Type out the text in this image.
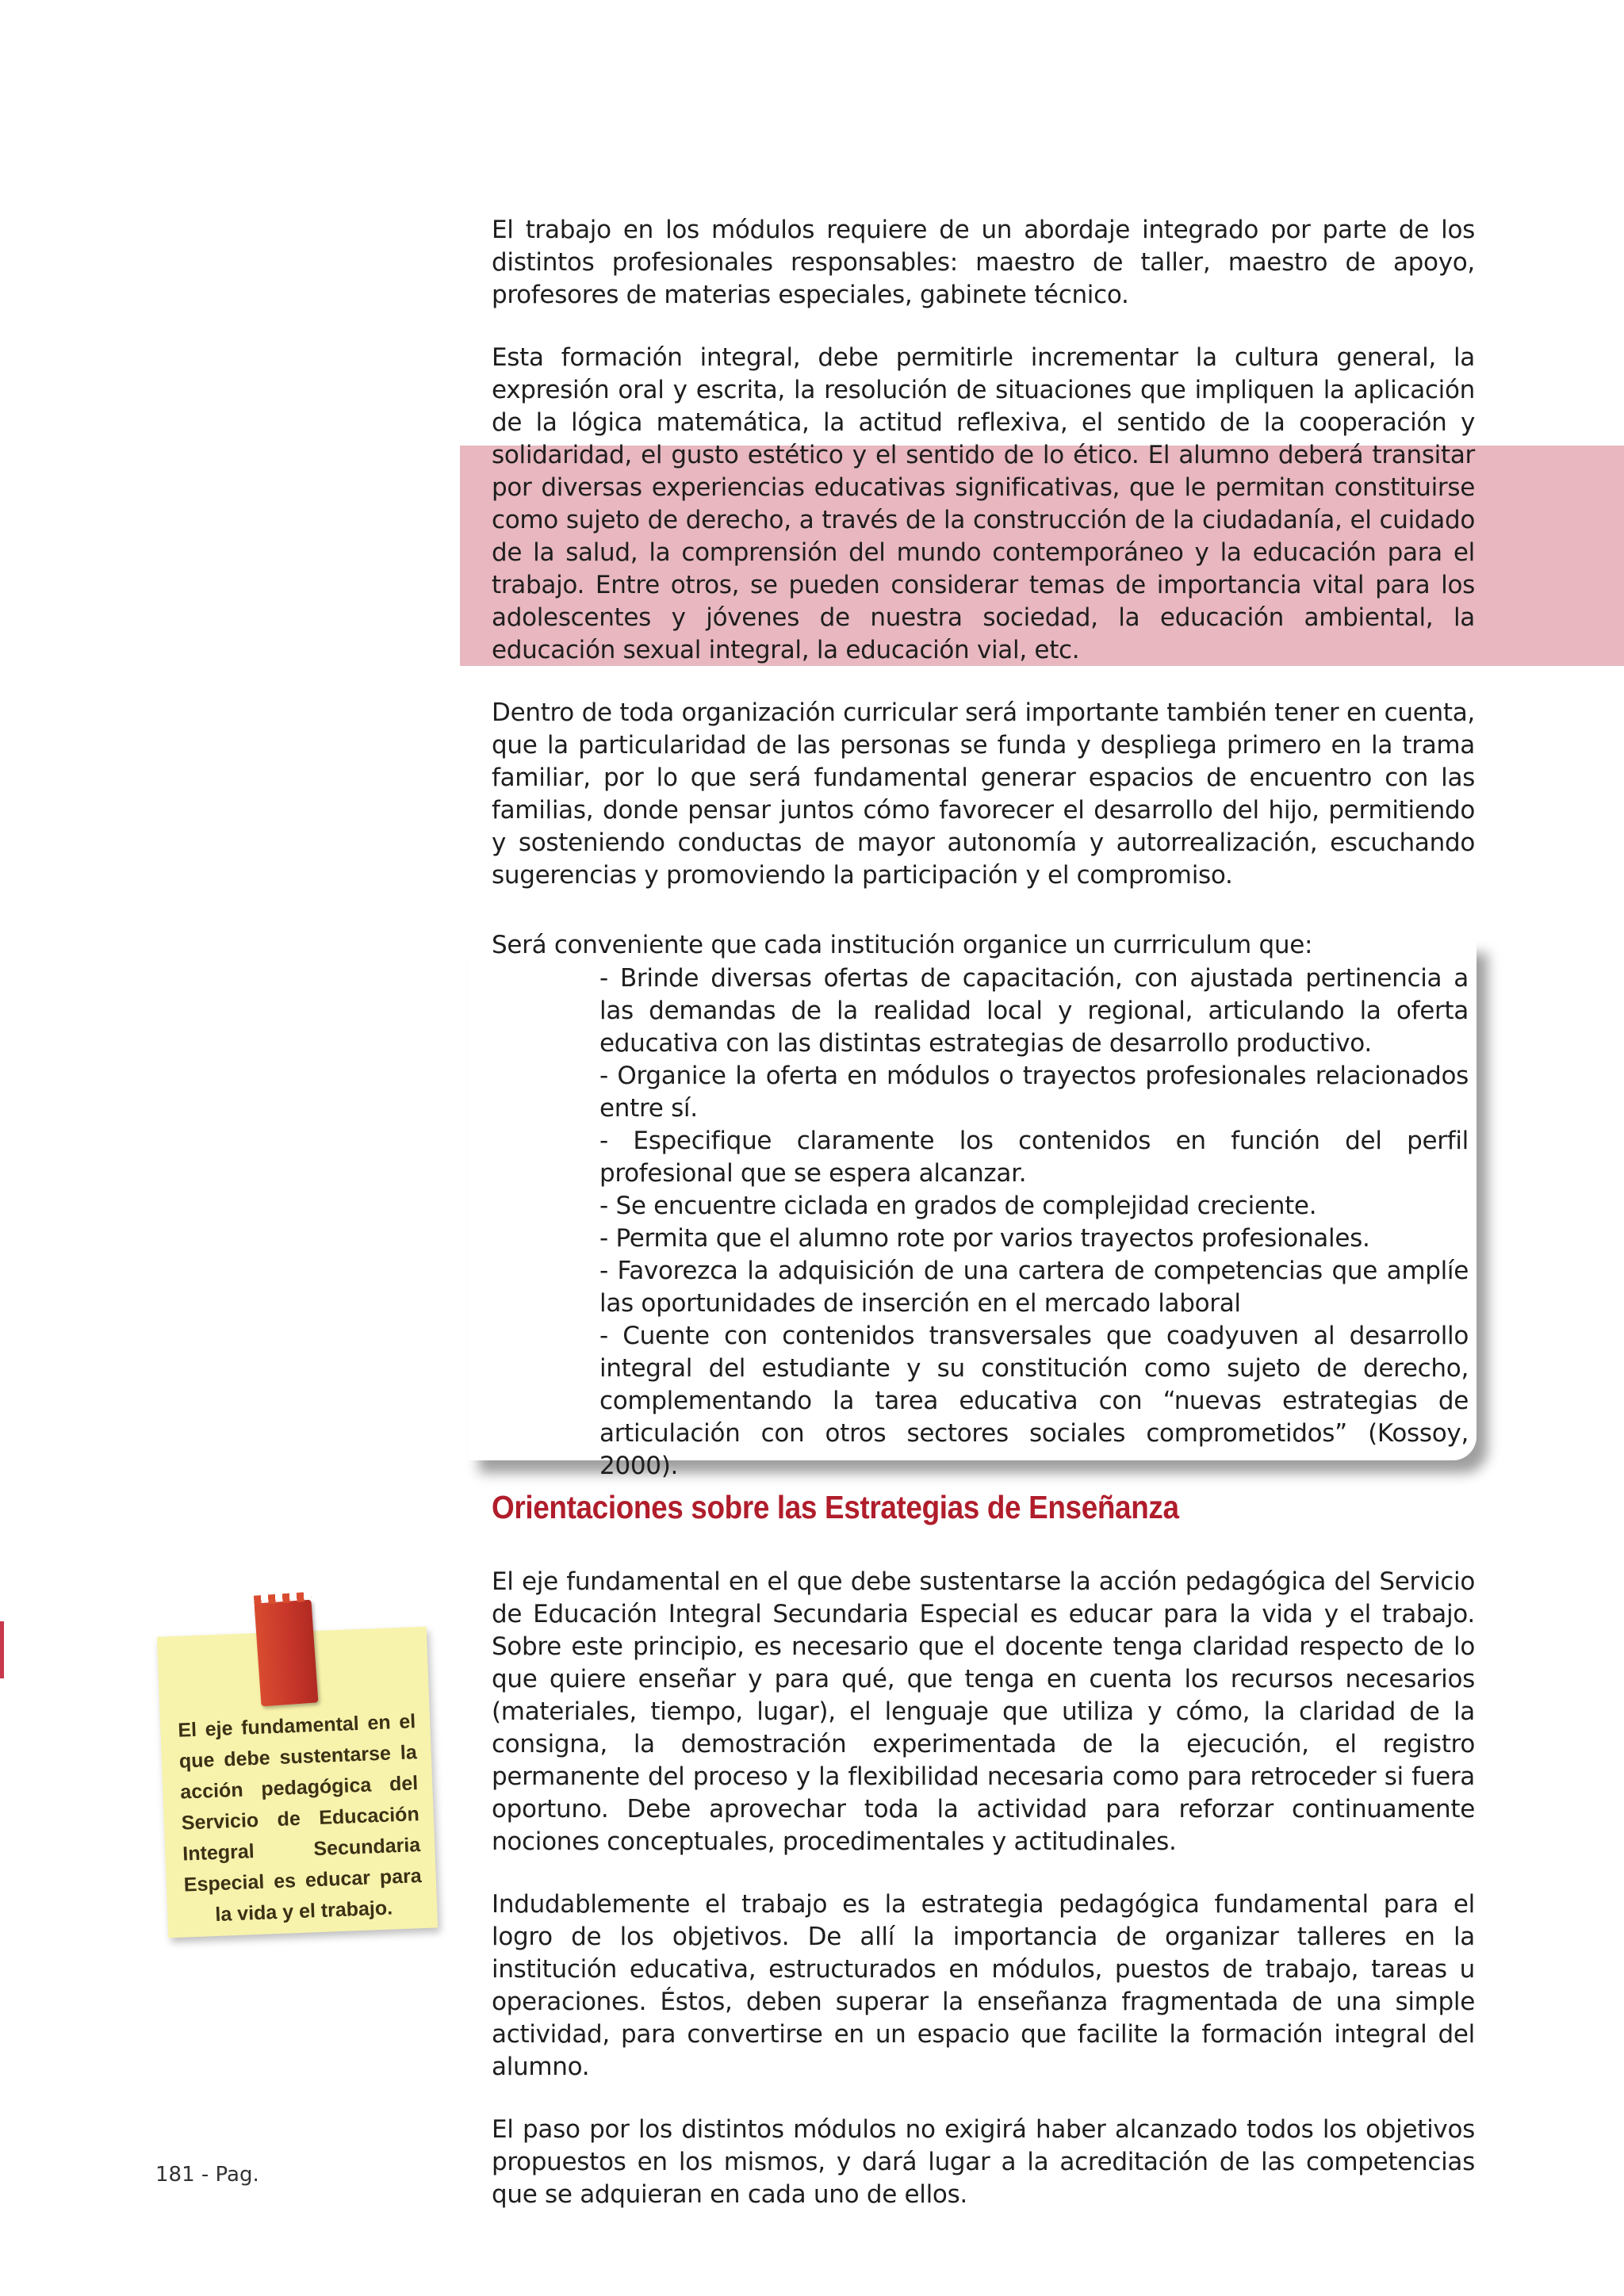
El trabajo en los módulos requiere de un abordaje integrado por parte de los distintos profesionales responsables: maestro de taller, maestro de apoyo, profesores de materias especiales, gabinete técnico.

Esta formación integral, debe permitirle incrementar la cultura general, la expresión oral y escrita, la resolución de situaciones que impliquen la aplicación de la lógica matemática, la actitud reflexiva, el sentido de la cooperación y solidaridad, el gusto estético y el sentido de lo ético. El alumno deberá transitar por diversas experiencias educativas significativas, que le permitan constituirse como sujeto de derecho, a través de la construcción de la ciudadanía, el cuidado de la salud, la comprensión del mundo contemporáneo y la educación para el trabajo. Entre otros, se pueden considerar temas de importancia vital para los adolescentes y jóvenes de nuestra sociedad, la educación ambiental, la educación sexual integral, la educación vial, etc.

Dentro de toda organización curricular será importante también tener en cuenta, que la particularidad de las personas se funda y despliega primero en la trama familiar, por lo que será fundamental generar espacios de encuentro con las familias, donde pensar juntos cómo favorecer el desarrollo del hijo, permitiendo y sosteniendo conductas de mayor autonomía y autorrealización, escuchando sugerencias y promoviendo la participación y el compromiso.

Será conveniente que cada institución organice un currriculum que:

- Brinde diversas ofertas de capacitación, con ajustada pertinencia a las demandas de la realidad local y regional, articulando la oferta educativa con las distintas estrategias de desarrollo productivo.

- Organice la oferta en módulos o trayectos profesionales relacionados entre sí.

- Especifique claramente los contenidos en función del perfil profesional que se espera alcanzar.

- Se encuentre ciclada en grados de complejidad creciente.

- Permita que el alumno rote por varios trayectos profesionales.

- Favorezca la adquisición de una cartera de competencias que amplíe las oportunidades de inserción en el mercado laboral

- Cuente con contenidos transversales que coadyuven al desarrollo integral del estudiante y su constitución como sujeto de derecho, complementando la tarea educativa con “nuevas estrategias de articulación con otros sectores sociales comprometidos” (Kossoy, 2000).

Orientaciones sobre las Estrategias de Enseñanza

El eje fundamental en el que debe sustentarse la acción pedagógica del Servicio de Educación Integral Secundaria Especial es educar para la vida y el trabajo. Sobre este principio, es necesario que el docente tenga claridad respecto de lo que quiere enseñar y para qué, que tenga en cuenta los recursos necesarios (materiales, tiempo, lugar), el lenguaje que utiliza y cómo, la claridad de la consigna, la demostración experimentada de la ejecución, el registro permanente del proceso y la flexibilidad necesaria como para retroceder si fuera oportuno. Debe aprovechar toda la actividad para reforzar continuamente nociones conceptuales, procedimentales y actitudinales.

Indudablemente el trabajo es la estrategia pedagógica fundamental para el logro de los objetivos. De allí la importancia de organizar talleres en la institución educativa, estructurados en módulos, puestos de trabajo, tareas u operaciones. Éstos, deben superar la enseñanza fragmentada de una simple actividad, para convertirse en un espacio que facilite la formación integral del alumno.

El paso por los distintos módulos no exigirá haber alcanzado todos los objetivos propuestos en los mismos, y dará lugar a la acreditación de las competencias que se adquieran en cada uno de ellos.

El eje fundamental en el que debe sustentarse la acción pedagógica del Servicio de Educación Integral Secundaria Especial es educar para la vida y el trabajo.

181 - Pag.
